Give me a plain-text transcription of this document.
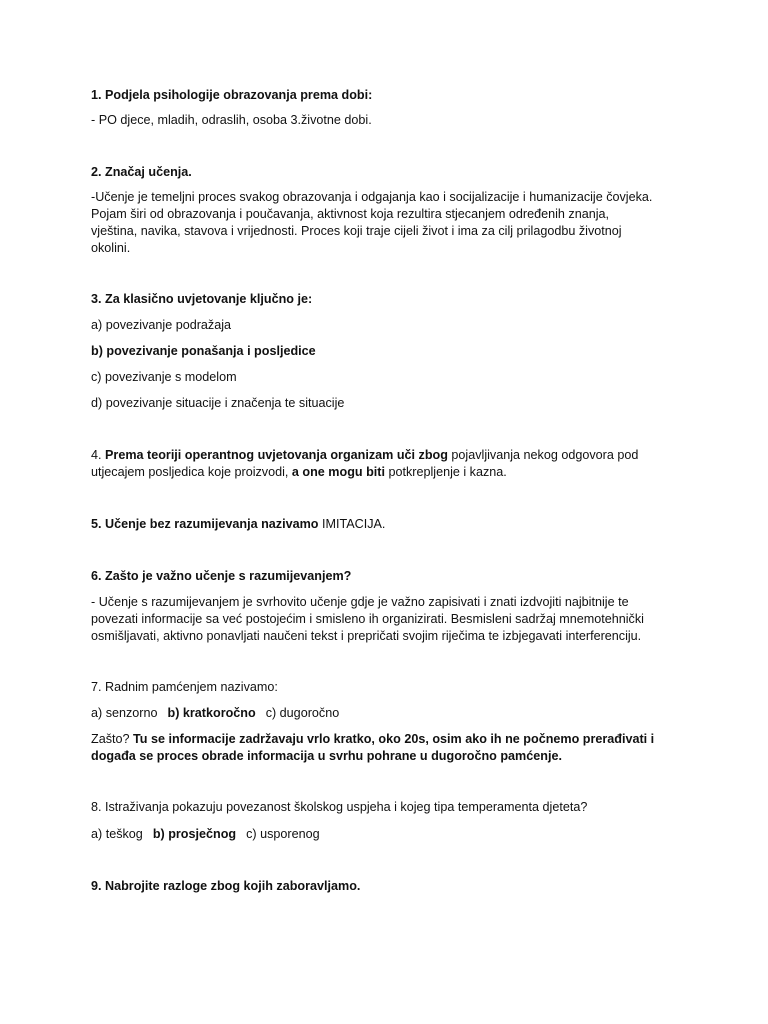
1. Podjela psihologije obrazovanja prema dobi:
- PO djece, mladih, odraslih, osoba 3.životne dobi.
2. Značaj učenja.
-Učenje je temeljni proces svakog obrazovanja i odgajanja kao i socijalizacije i humanizacije čovjeka.
Pojam širi od obrazovanja i poučavanja, aktivnost koja rezultira stjecanjem određenih znanja,
vještina, navika, stavova i vrijednosti. Proces koji traje cijeli život i ima za cilj prilagodbu životnoj
okolini.
3. Za klasično uvjetovanje ključno je:
a) povezivanje podražaja
b) povezivanje ponašanja i posljedice
c) povezivanje s modelom
d) povezivanje situacije i značenja te situacije
4. Prema teoriji operantnog uvjetovanja organizam uči zbog pojavljivanja nekog odgovora pod
utjecajem posljedica koje proizvodi, a one mogu biti potkrepljenje i kazna.
5. Učenje bez razumijevanja nazivamo IMITACIJA.
6. Zašto je važno učenje s razumijevanjem?
- Učenje s razumijevanjem je svrhovito učenje gdje je važno zapisivati i znati izdvojiti najbitnije te
povezati informacije sa već postojećim i smisleno ih organizirati. Besmisleni sadržaj mnemotehnički
osmišljavati, aktivno ponavljati naučeni tekst i prepričati svojim riječima te izbjegavati interferenciju.
7. Radnim pamćenjem nazivamo:
a) senzorno b) kratkoročno c) dugoročno
Zašto? Tu se informacije zadržavaju vrlo kratko, oko 20s, osim ako ih ne počnemo prerađivati i
događa se proces obrade informacija u svrhu pohrane u dugoročno pamćenje.
8. Istraživanja pokazuju povezanost školskog uspjeha i kojeg tipa temperamenta djeteta?
a) teškog b) prosječnog c) usporenog
9. Nabrojite razloge zbog kojih zaboravljamo.
